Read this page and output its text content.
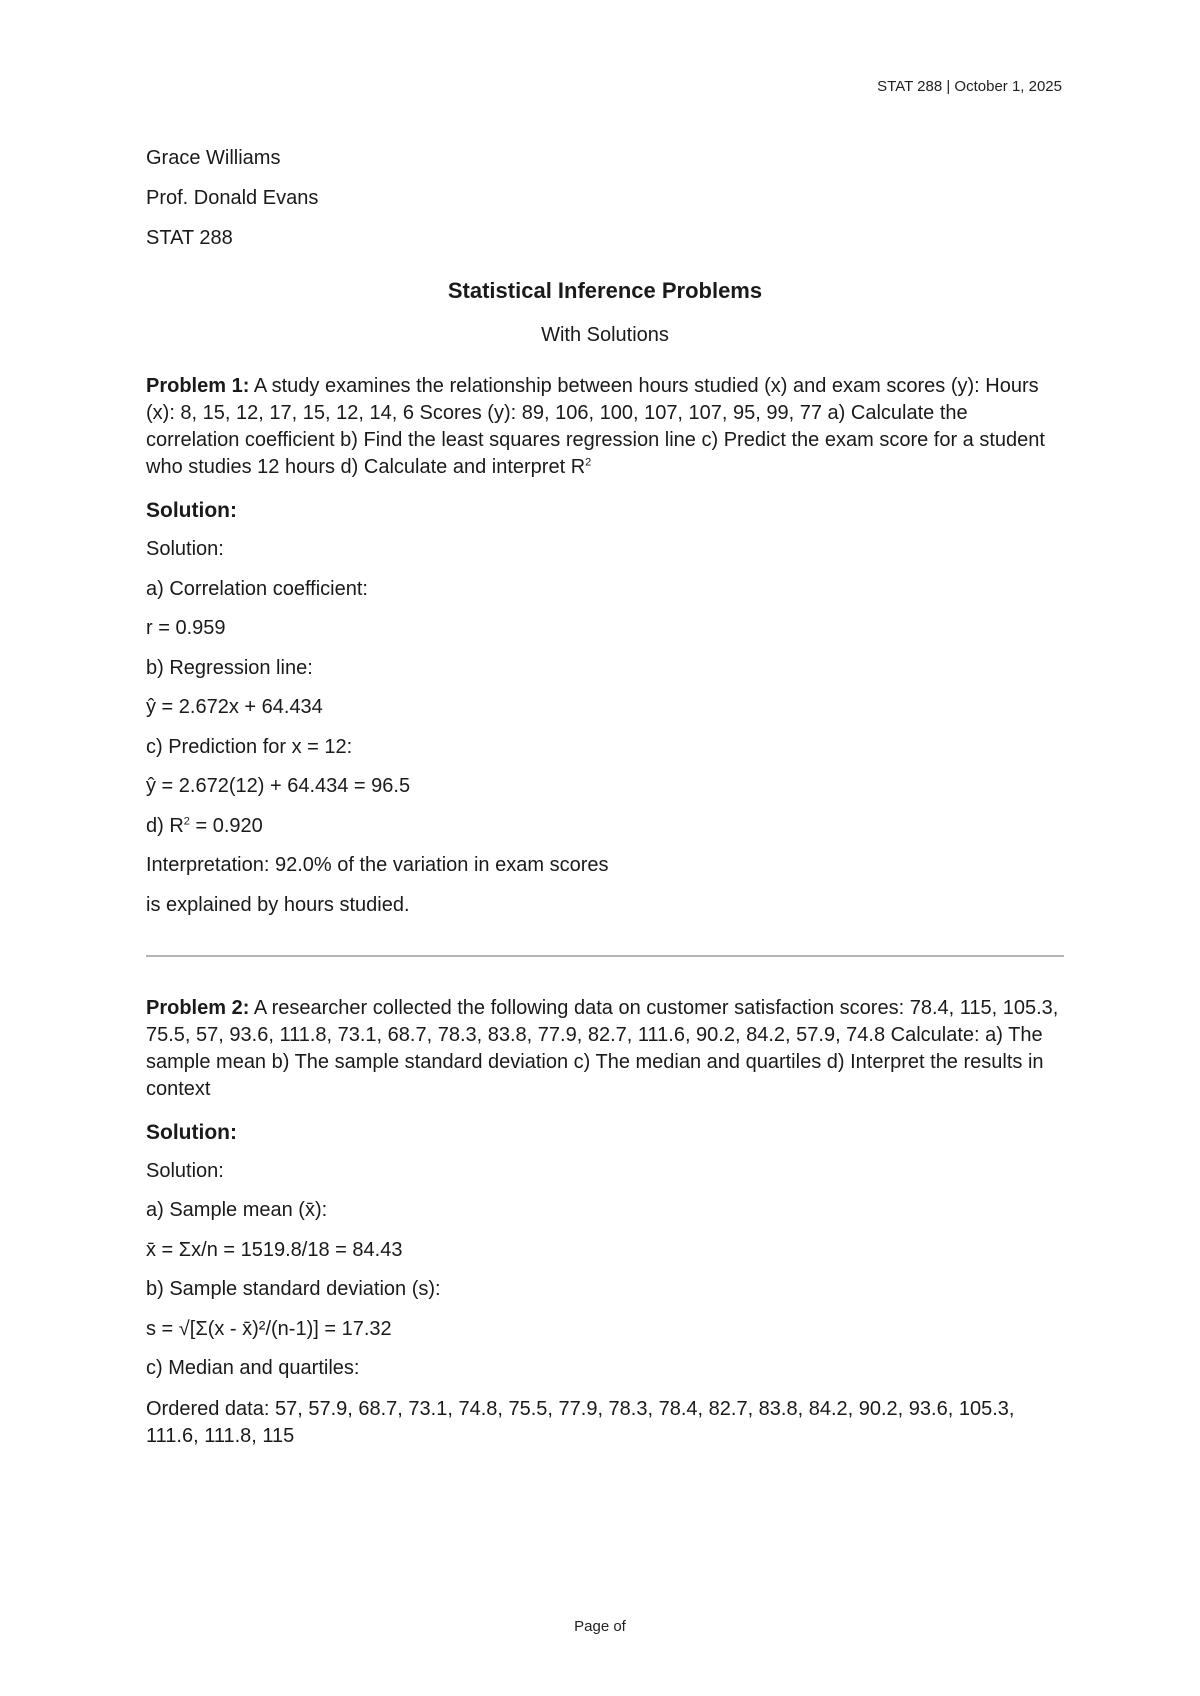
STAT 288 | October 1, 2025
Grace Williams
Prof. Donald Evans
STAT 288
Statistical Inference Problems
With Solutions
Problem 1: A study examines the relationship between hours studied (x) and exam scores (y): Hours (x): 8, 15, 12, 17, 15, 12, 14, 6 Scores (y): 89, 106, 100, 107, 107, 95, 99, 77 a) Calculate the correlation coefficient b) Find the least squares regression line c) Predict the exam score for a student who studies 12 hours d) Calculate and interpret $R^2$
Solution:
Solution:
a) Correlation coefficient:
r = 0.959
b) Regression line:
ŷ = 2.672x + 64.434
c) Prediction for x = 12:
ŷ = 2.672(12) + 64.434 = 96.5
d) $R^2 = 0.920$
Interpretation: 92.0% of the variation in exam scores
is explained by hours studied.
Problem 2: A researcher collected the following data on customer satisfaction scores: 78.4, 115, 105.3, 75.5, 57, 93.6, 111.8, 73.1, 68.7, 78.3, 83.8, 77.9, 82.7, 111.6, 90.2, 84.2, 57.9, 74.8 Calculate: a) The sample mean b) The sample standard deviation c) The median and quartiles d) Interpret the results in context
Solution:
Solution:
a) Sample mean (x̄):
x̄ = Σx/n = 1519.8/18 = 84.43
b) Sample standard deviation (s):
s = √[Σ(x - x̄)²/(n-1)] = 17.32
c) Median and quartiles:
Ordered data: 57, 57.9, 68.7, 73.1, 74.8, 75.5, 77.9, 78.3, 78.4, 82.7, 83.8, 84.2, 90.2, 93.6, 105.3, 111.6, 111.8, 115
Page of
